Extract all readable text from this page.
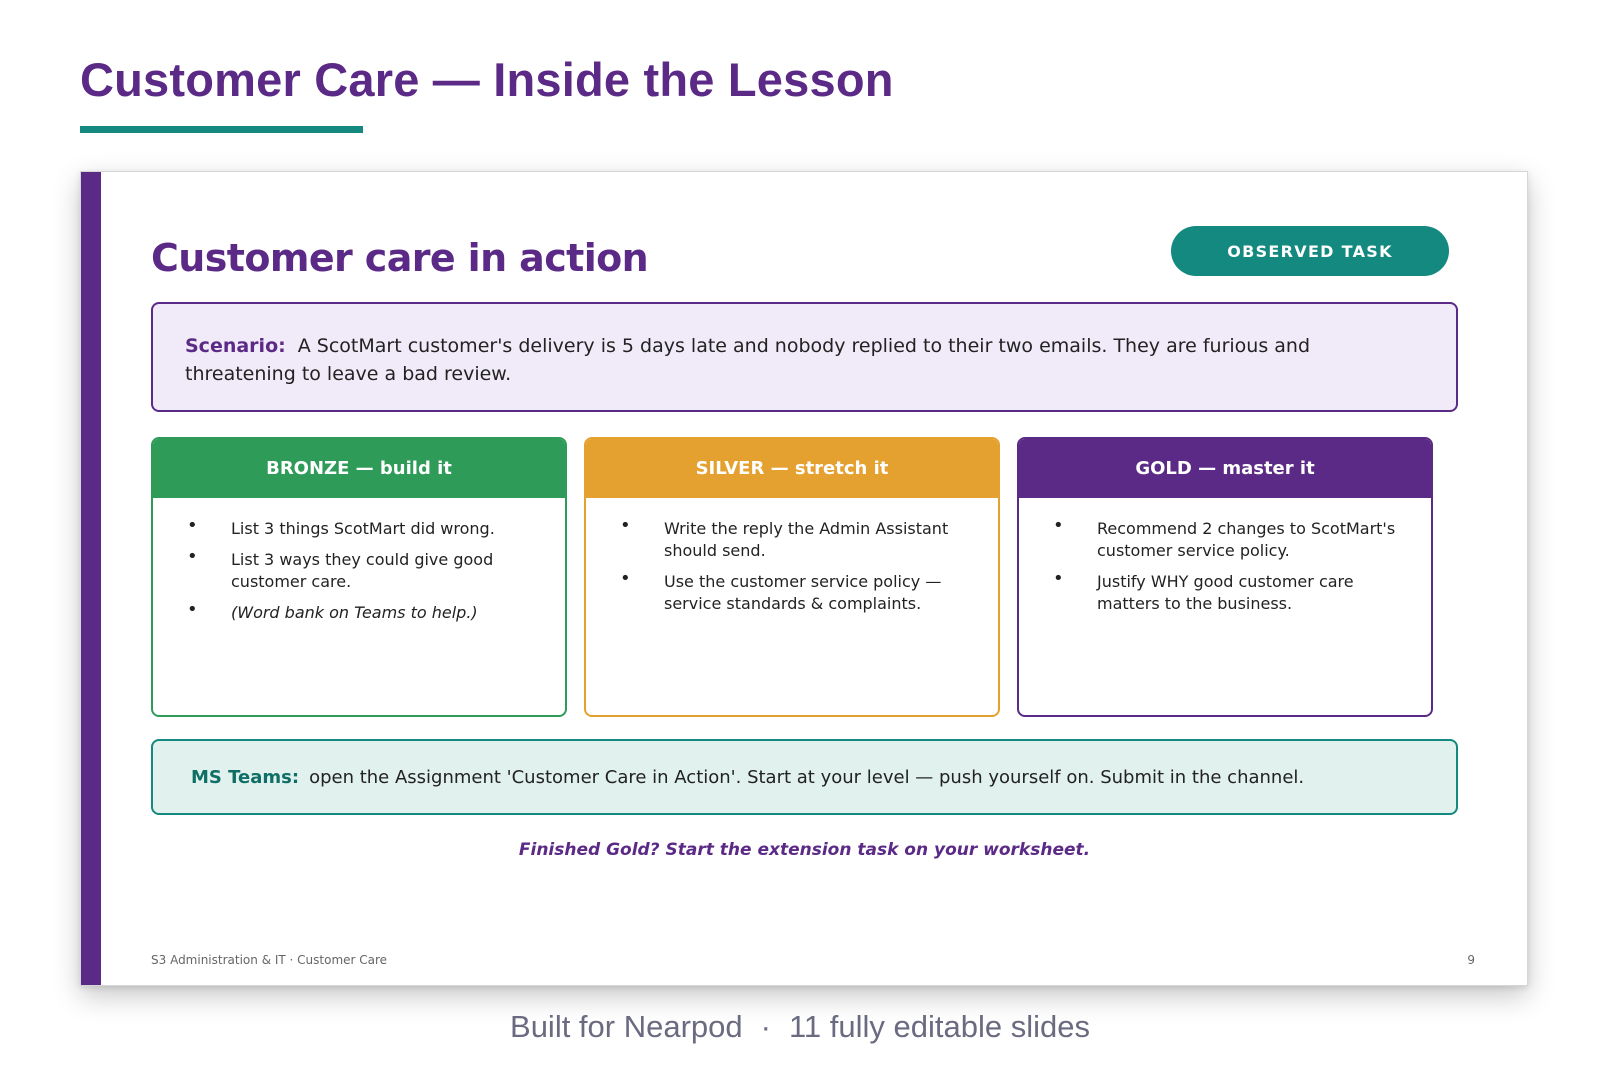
Customer Care — Inside the Lesson
Customer care in action	OBSERVED TASK
Scenario: A ScotMart customer's delivery is 5 days late and nobody replied to their two emails. They are furious and threatening to leave a bad review.
BRONZE — build it
• List 3 things ScotMart did wrong.
• List 3 ways they could give good customer care.
• (Word bank on Teams to help.)
SILVER — stretch it
• Write the reply the Admin Assistant should send.
• Use the customer service policy — service standards & complaints.
GOLD — master it
• Recommend 2 changes to ScotMart's customer service policy.
• Justify WHY good customer care matters to the business.
MS Teams: open the Assignment 'Customer Care in Action'. Start at your level — push yourself on. Submit in the channel.
Finished Gold? Start the extension task on your worksheet.
S3 Administration & IT · Customer Care	9
Built for Nearpod · 11 fully editable slides
